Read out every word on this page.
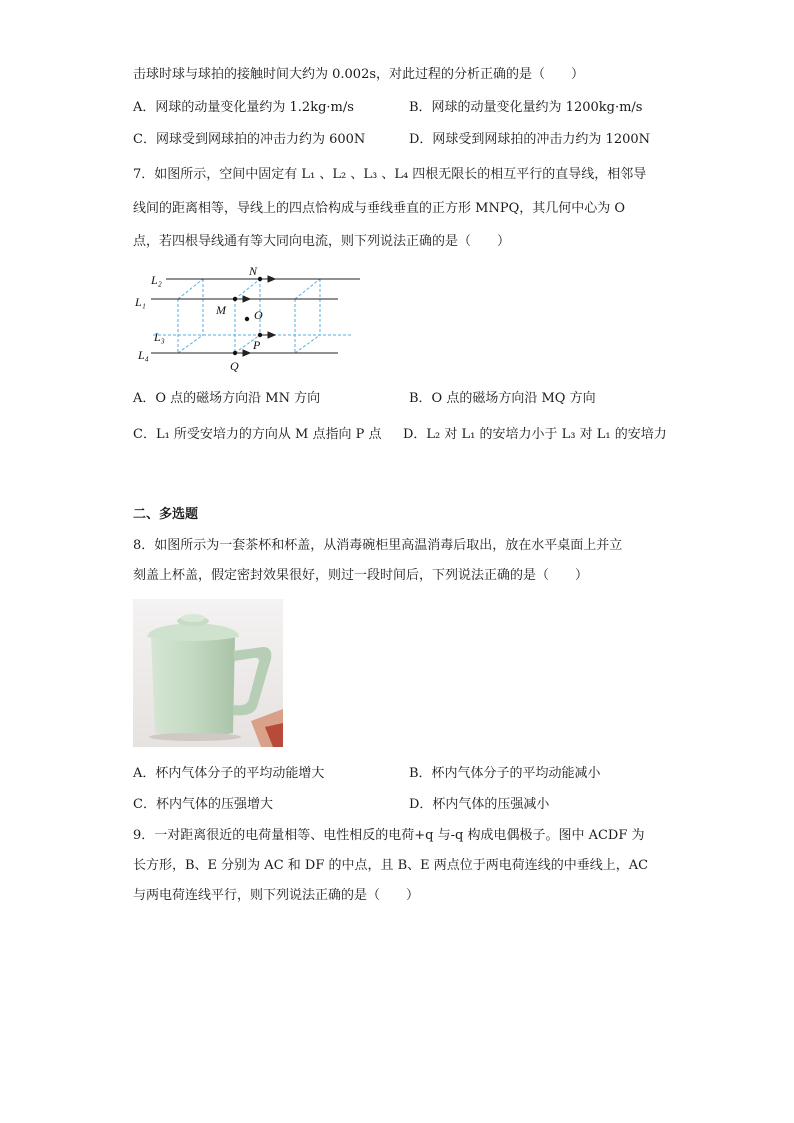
击球时球与球拍的接触时间大约为 0.002s，对此过程的分析正确的是（　　）
A．网球的动量变化量约为 1.2kg·m/s	B．网球的动量变化量约为 1200kg·m/s
C．网球受到网球拍的冲击力约为 600N	D．网球受到网球拍的冲击力约为 1200N
7．如图所示，空间中固定有 L₁ 、L₂ 、L₃ 、L₄ 四根无限长的相互平行的直导线，相邻导
线间的距离相等，导线上的四点恰构成与垂线垂直的正方形 MNPQ，其几何中心为 O
点，若四根导线通有等大同向电流，则下列说法正确的是（　　）
L₂
L₁
L₃
L₄
N
M O
P
Q
A．O 点的磁场方向沿 MN 方向	B．O 点的磁场方向沿 MQ 方向
C．L₁ 所受安培力的方向从 M 点指向 P 点 D．L₂ 对 L₁ 的安培力小于 L₃ 对 L₁ 的安培力
二、多选题
8．如图所示为一套茶杯和杯盖，从消毒碗柜里高温消毒后取出，放在水平桌面上并立
刻盖上杯盖，假定密封效果很好，则过一段时间后，下列说法正确的是（　　）
A．杯内气体分子的平均动能增大	B．杯内气体分子的平均动能减小
C．杯内气体的压强增大	D．杯内气体的压强减小
9．一对距离很近的电荷量相等、电性相反的电荷+q 与-q 构成电偶极子。图中 ACDF 为
长方形，B、E 分别为 AC 和 DF 的中点，且 B、E 两点位于两电荷连线的中垂线上，AC
与两电荷连线平行，则下列说法正确的是（　　）
